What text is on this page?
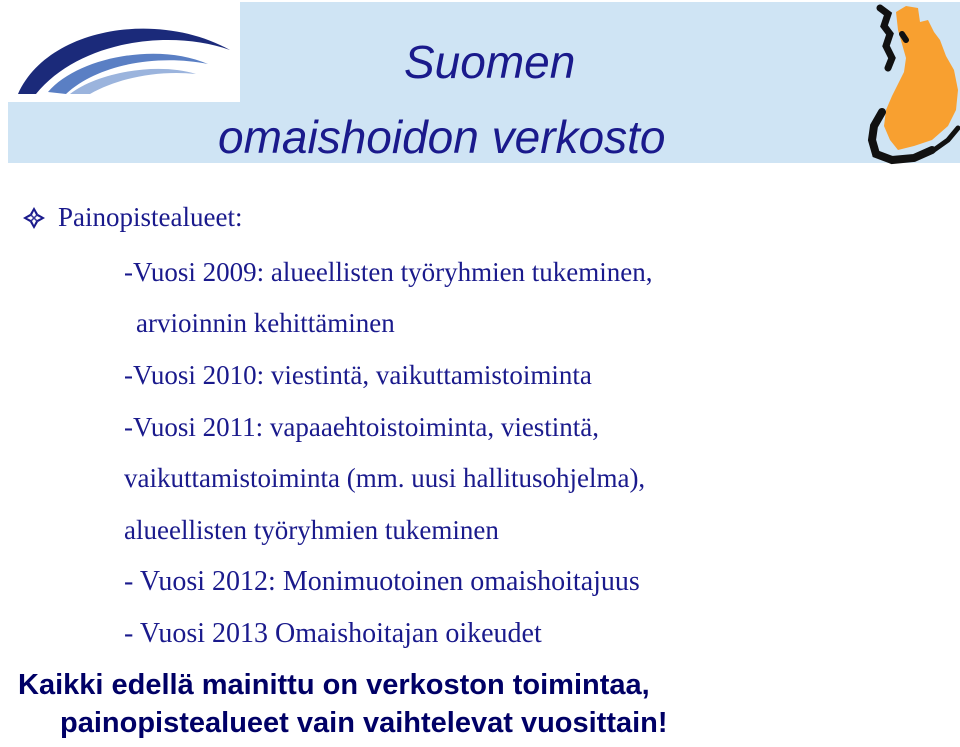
Suomen
omaishoidon verkosto
Painopistealueet:
-Vuosi 2009: alueellisten työryhmien tukeminen,
arvioinnin kehittäminen
-Vuosi 2010: viestintä, vaikuttamistoiminta
-Vuosi 2011: vapaaehtoistoiminta, viestintä,
vaikuttamistoiminta (mm. uusi hallitusohjelma),
alueellisten työryhmien tukeminen
- Vuosi 2012: Monimuotoinen omaishoitajuus
- Vuosi 2013 Omaishoitajan oikeudet
Kaikki edellä mainittu on verkoston toimintaa,
painopistealueet vain vaihtelevat vuosittain!
